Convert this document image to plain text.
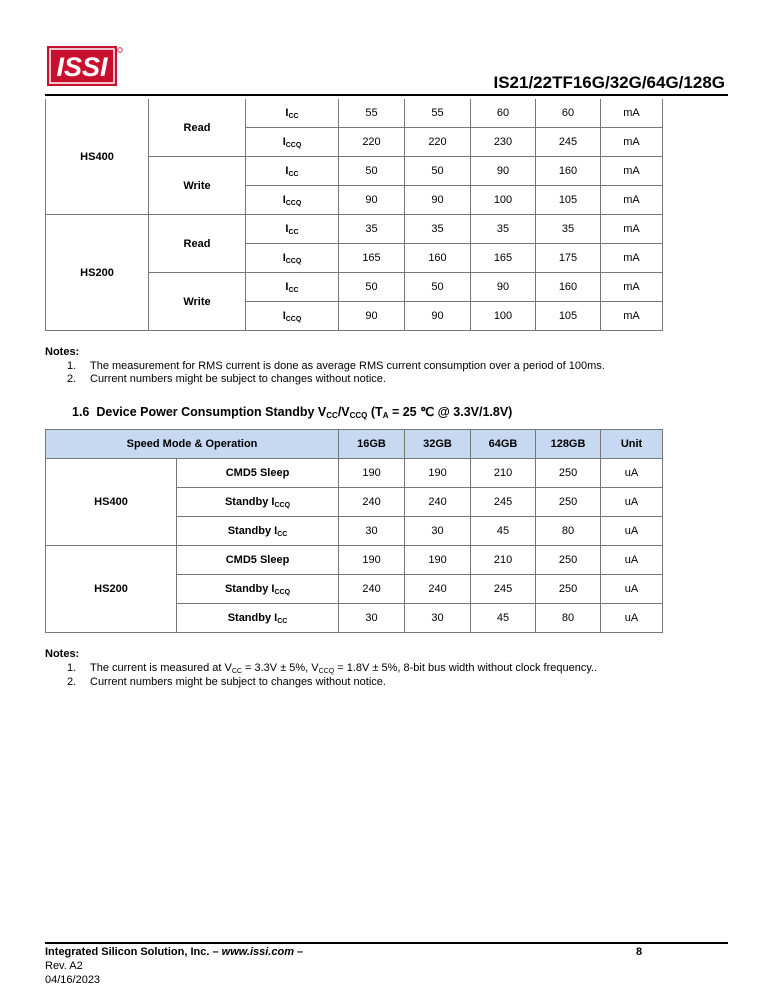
ISSI
IS21/22TF16G/32G/64G/128G
HS400	Read	$I_{CC}$	55	55	60	60	mA
		$I_{CCQ}$	220	220	230	245	mA
	Write	$I_{CC}$	50	50	90	160	mA
		$I_{CCQ}$	90	90	100	105	mA
HS200	Read	$I_{CC}$	35	35	35	35	mA
		$I_{CCQ}$	165	160	165	175	mA
	Write	$I_{CC}$	50	50	90	160	mA
		$I_{CCQ}$	90	90	100	105	mA
Notes:
1. The measurement for RMS current is done as average RMS current consumption over a period of 100ms.
2. Current numbers might be subject to changes without notice.
1.6 Device Power Consumption Standby VCC/VCCQ (TA = 25 ℃ @ 3.3V/1.8V)
Speed Mode & Operation		16GB	32GB	64GB	128GB	Unit
HS400	CMD5 Sleep	190	190	210	250	uA
	Standby $I_{CCQ}$	240	240	245	250	uA
	Standby $I_{CC}$	30	30	45	80	uA
HS200	CMD5 Sleep	190	190	210	250	uA
	Standby $I_{CCQ}$	240	240	245	250	uA
	Standby $I_{CC}$	30	30	45	80	uA
Notes:
1. The current is measured at VCC = 3.3V ± 5%, VCCQ = 1.8V ± 5%, 8-bit bus width without clock frequency..
2. Current numbers might be subject to changes without notice.
Integrated Silicon Solution, Inc. – www.issi.com –	8
Rev. A2
04/16/2023
